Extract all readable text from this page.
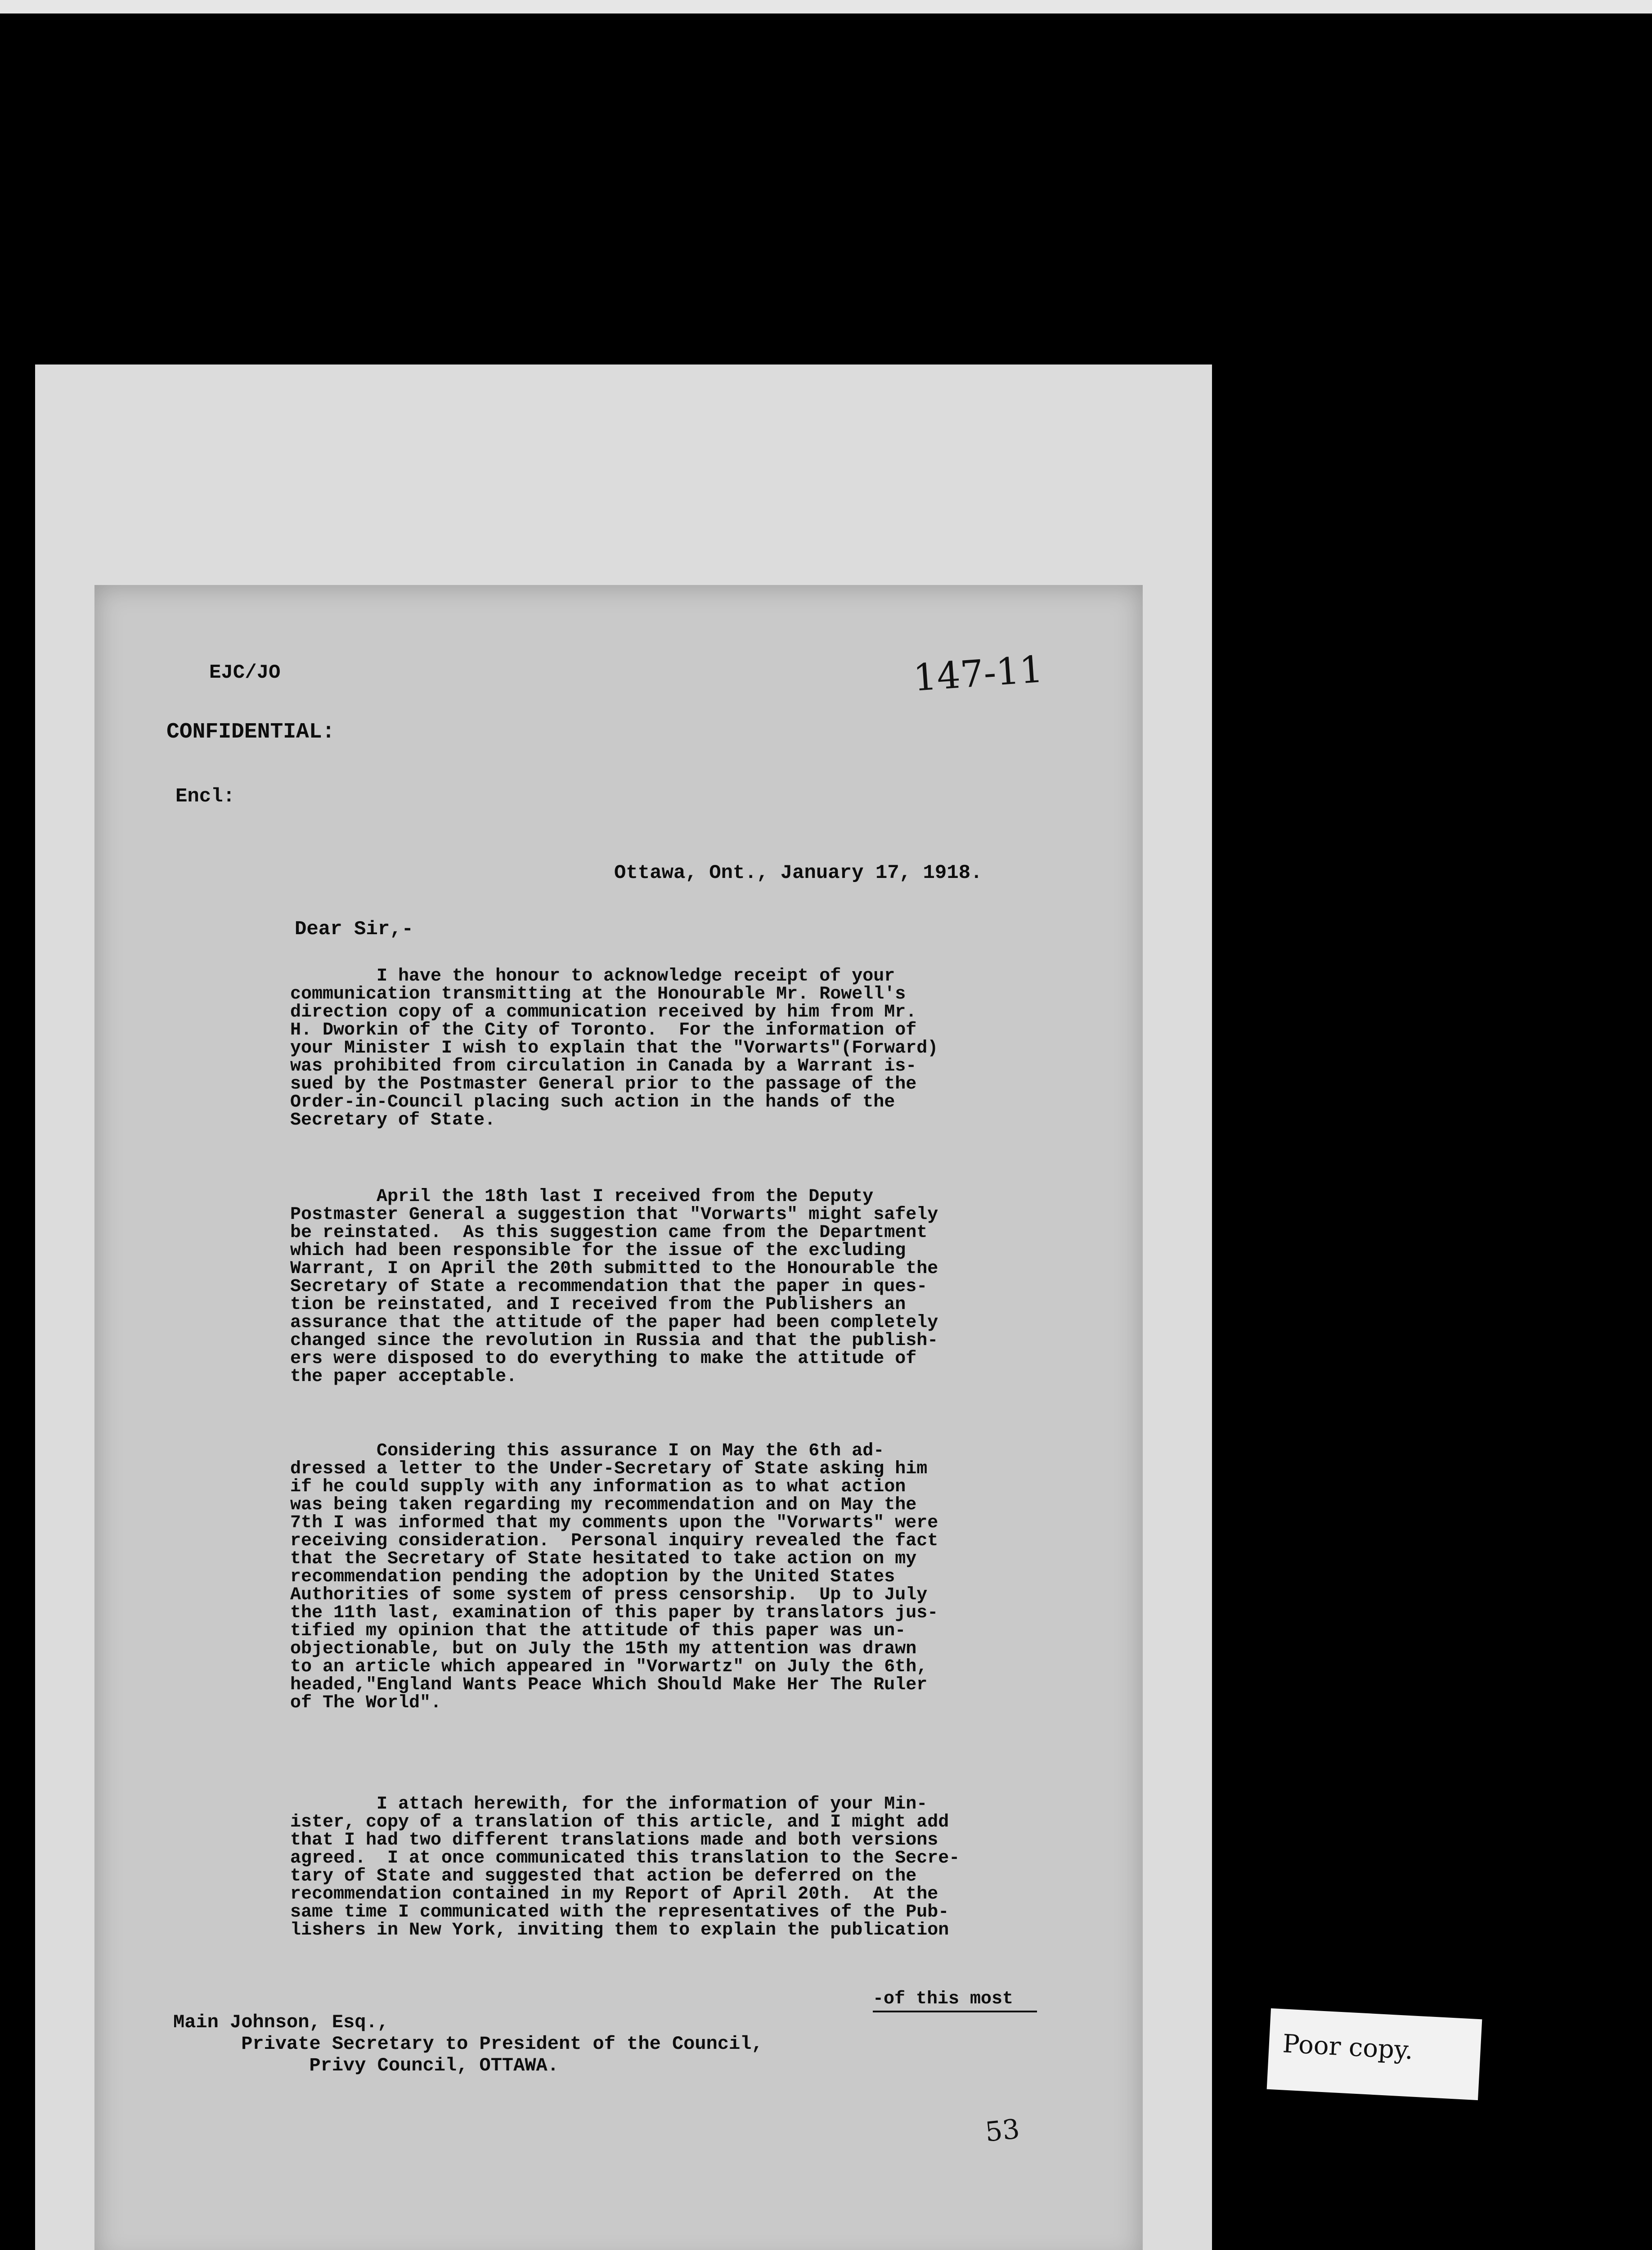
EJC/JO	147-11
CONFIDENTIAL:
Encl:
Ottawa, Ont., January 17, 1918.
Dear Sir,-
I have the honour to acknowledge receipt of your
communication transmitting at the Honourable Mr. Rowell's
direction copy of a communication received by him from Mr.
H. Dworkin of the City of Toronto.  For the information of
your Minister I wish to explain that the "Vorwarts"(Forward)
was prohibited from circulation in Canada by a Warrant is-
sued by the Postmaster General prior to the passage of the
Order-in-Council placing such action in the hands of the
Secretary of State.
April the 18th last I received from the Deputy
Postmaster General a suggestion that "Vorwarts" might safely
be reinstated.  As this suggestion came from the Department
which had been responsible for the issue of the excluding
Warrant, I on April the 20th submitted to the Honourable the
Secretary of State a recommendation that the paper in ques-
tion be reinstated, and I received from the Publishers an
assurance that the attitude of the paper had been completely
changed since the revolution in Russia and that the publish-
ers were disposed to do everything to make the attitude of
the paper acceptable.
Considering this assurance I on May the 6th ad-
dressed a letter to the Under-Secretary of State asking him
if he could supply with any information as to what action
was being taken regarding my recommendation and on May the
7th I was informed that my comments upon the "Vorwarts" were
receiving consideration.  Personal inquiry revealed the fact
that the Secretary of State hesitated to take action on my
recommendation pending the adoption by the United States
Authorities of some system of press censorship.  Up to July
the 11th last, examination of this paper by translators jus-
tified my opinion that the attitude of this paper was un-
objectionable, but on July the 15th my attention was drawn
to an article which appeared in "Vorwartz" on July the 6th,
headed,"England Wants Peace Which Should Make Her The Ruler
of The World".
I attach herewith, for the information of your Min-
ister, copy of a translation of this article, and I might add
that I had two different translations made and both versions
agreed.  I at once communicated this translation to the Secre-
tary of State and suggested that action be deferred on the
recommendation contained in my Report of April 20th.  At the
same time I communicated with the representatives of the Pub-
lishers in New York, inviting them to explain the publication
-of this most
Main Johnson, Esq.,
Private Secretary to President of the Council,
Privy Council, OTTAWA.
53
Poor copy.
